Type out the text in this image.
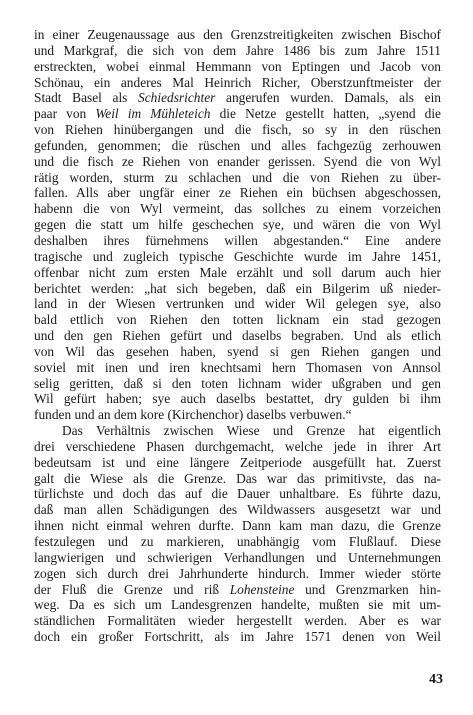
in einer Zeugenaussage aus den Grenzstreitigkeiten zwischen Bischof
und Markgraf, die sich von dem Jahre 1486 bis zum Jahre 1511
erstreckten, wobei einmal Hemmann von Eptingen und Jacob von
Schönau, ein anderes Mal Heinrich Richer, Oberstzunftmeister der
Stadt Basel als Schiedsrichter angerufen wurden. Damals, als ein
paar von Weil im Mühleteich die Netze gestellt hatten, „syend die
von Riehen hinübergangen und die fisch, so sy in den rüschen
gefunden, genommen; die rüschen und alles fachgezüg zerhouwen
und die fisch ze Riehen von enander gerissen. Syend die von Wyl
rätig worden, sturm zu schlachen und die von Riehen zu über-
fallen. Alls aber ungfär einer ze Riehen ein büchsen abgeschossen,
habenn die von Wyl vermeint, das sollches zu einem vorzeichen
gegen die statt um hilfe geschechen sye, und wären die von Wyl
deshalben ihres fürnehmens willen abgestanden.“ Eine andere
tragische und zugleich typische Geschichte wurde im Jahre 1451,
offenbar nicht zum ersten Male erzählt und soll darum auch hier
berichtet werden: „hat sich begeben, daß ein Bilgerim uß nieder-
land in der Wiesen vertrunken und wider Wil gelegen sye, also
bald ettlich von Riehen den totten licknam ein stad gezogen
und den gen Riehen gefürt und daselbs begraben. Und als etlich
von Wil das gesehen haben, syend si gen Riehen gangen und
soviel mit inen und iren knechtsami hern Thomasen von Annsol
selig geritten, daß si den toten lichnam wider ußgraben und gen
Wil gefürt haben; sye auch daselbs bestattet, dry gulden bi ihm
funden und an dem kore (Kirchenchor) daselbs verbuwen.“
Das Verhältnis zwischen Wiese und Grenze hat eigentlich
drei verschiedene Phasen durchgemacht, welche jede in ihrer Art
bedeutsam ist und eine längere Zeitperiode ausgefüllt hat. Zuerst
galt die Wiese als die Grenze. Das war das primitivste, das na-
türlichste und doch das auf die Dauer unhaltbare. Es führte dazu,
daß man allen Schädigungen des Wildwassers ausgesetzt war und
ihnen nicht einmal wehren durfte. Dann kam man dazu, die Grenze
festzulegen und zu markieren, unabhängig vom Flußlauf. Diese
langwierigen und schwierigen Verhandlungen und Unternehmungen
zogen sich durch drei Jahrhunderte hindurch. Immer wieder störte
der Fluß die Grenze und riß Lohensteine und Grenzmarken hin-
weg. Da es sich um Landesgrenzen handelte, mußten sie mit um-
ständlichen Formalitäten wieder hergestellt werden. Aber es war
doch ein großer Fortschritt, als im Jahre 1571 denen von Weil
43
